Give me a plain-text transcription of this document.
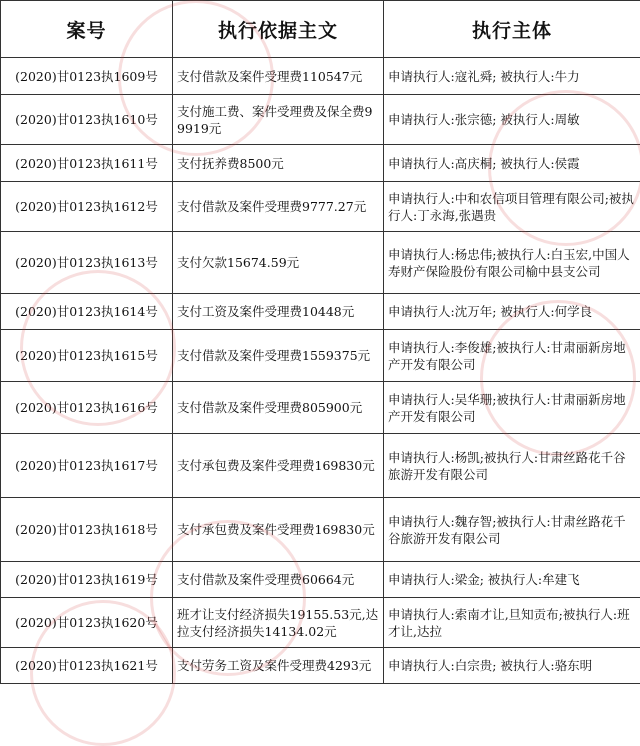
案号	执行依据主文	执行主体
(2020)甘0123执1609号	支付借款及案件受理费110547元	申请执行人:寇礼舜; 被执行人:牛力
(2020)甘0123执1610号	支付施工费、案件受理费及保全费99919元	申请执行人:张宗德; 被执行人:周敏
(2020)甘0123执1611号	支付抚养费8500元	申请执行人:高庆桐; 被执行人:侯霞
(2020)甘0123执1612号	支付借款及案件受理费9777.27元	申请执行人:中和农信项目管理有限公司;被执行人:丁永海,张遇贵
(2020)甘0123执1613号	支付欠款15674.59元	申请执行人:杨忠伟;被执行人:白玉宏,中国人寿财产保险股份有限公司榆中县支公司
(2020)甘0123执1614号	支付工资及案件受理费10448元	申请执行人:沈万年; 被执行人:何学良
(2020)甘0123执1615号	支付借款及案件受理费1559375元	申请执行人:李俊雄;被执行人:甘肃丽新房地产开发有限公司
(2020)甘0123执1616号	支付借款及案件受理费805900元	申请执行人:吴华珊;被执行人:甘肃丽新房地产开发有限公司
(2020)甘0123执1617号	支付承包费及案件受理费169830元	申请执行人:杨凯;被执行人:甘肃丝路花千谷旅游开发有限公司
(2020)甘0123执1618号	支付承包费及案件受理费169830元	申请执行人:魏存智;被执行人:甘肃丝路花千谷旅游开发有限公司
(2020)甘0123执1619号	支付借款及案件受理费60664元	申请执行人:梁金; 被执行人:牟建飞
(2020)甘0123执1620号	班才让支付经济损失19155.53元,达拉支付经济损失14134.02元	申请执行人:索南才让,旦知贡布;被执行人:班才让,达拉
(2020)甘0123执1621号	支付劳务工资及案件受理费4293元	申请执行人:白宗贵; 被执行人:骆东明
